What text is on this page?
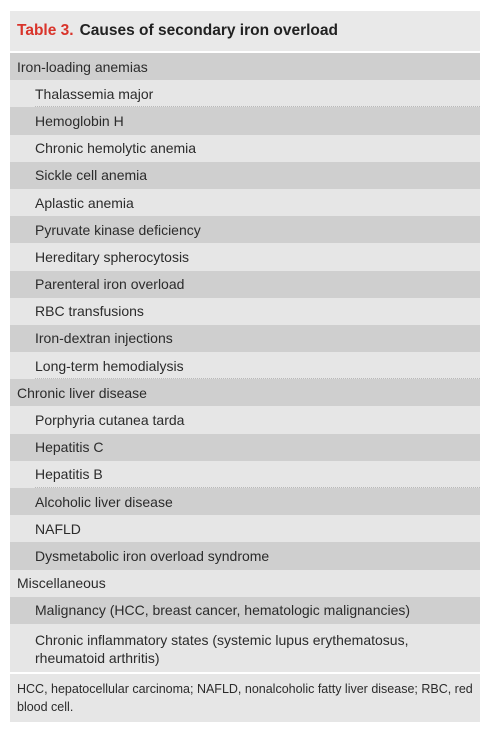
Table 3. Causes of secondary iron overload
Iron-loading anemias
Thalassemia major
Hemoglobin H
Chronic hemolytic anemia
Sickle cell anemia
Aplastic anemia
Pyruvate kinase deficiency
Hereditary spherocytosis
Parenteral iron overload
RBC transfusions
Iron-dextran injections
Long-term hemodialysis
Chronic liver disease
Porphyria cutanea tarda
Hepatitis C
Hepatitis B
Alcoholic liver disease
NAFLD
Dysmetabolic iron overload syndrome
Miscellaneous
Malignancy (HCC, breast cancer, hematologic malignancies)
Chronic inflammatory states (systemic lupus erythematosus, rheumatoid arthritis)
HCC, hepatocellular carcinoma; NAFLD, nonalcoholic fatty liver disease; RBC, red blood cell.
